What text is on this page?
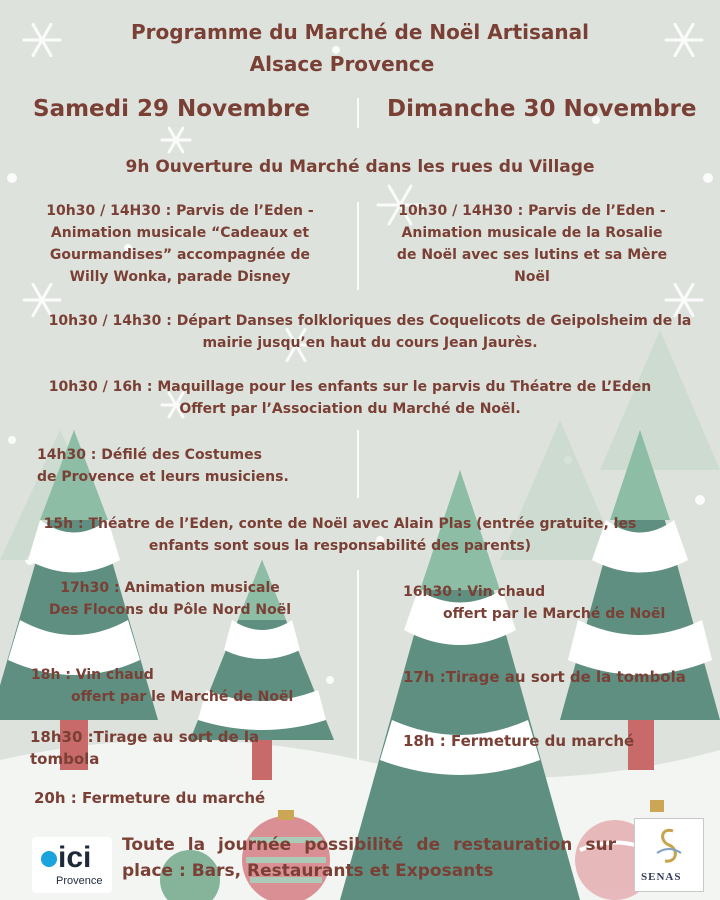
Programme du Marché de Noël Artisanal
Alsace Provence
Samedi 29 Novembre	Dimanche 30 Novembre
9h Ouverture du Marché dans les rues du Village
10h30 / 14H30 : Parvis de l’Eden -
Animation musicale “Cadeaux et
Gourmandises” accompagnée de
Willy Wonka, parade Disney
10h30 / 14H30 : Parvis de l’Eden -
Animation musicale de la Rosalie
de Noël avec ses lutins et sa Mère
Noël
10h30 / 14h30 : Départ Danses folkloriques des Coquelicots de Geipolsheim de la
mairie jusqu’en haut du cours Jean Jaurès.
10h30 / 16h : Maquillage pour les enfants sur le parvis du Théatre de L’Eden
Offert par l’Association du Marché de Noël.
14h30 : Défilé des Costumes
de Provence et leurs musiciens.
15h : Théatre de l’Eden, conte de Noël avec Alain Plas (entrée gratuite, les
enfants sont sous la responsabilité des parents)
17h30 : Animation musicale
Des Flocons du Pôle Nord Noël
16h30 : Vin chaud
offert par le Marché de Noël
18h : Vin chaud
offert par le Marché de Noël
17h :Tirage au sort de la tombola
18h30 :Tirage au sort de la
tombola
18h : Fermeture du marché
20h : Fermeture du marché
Toute la journée possibilité de restauration sur
place : Bars, Restaurants et Exposants
ici
Provence	SENAS
